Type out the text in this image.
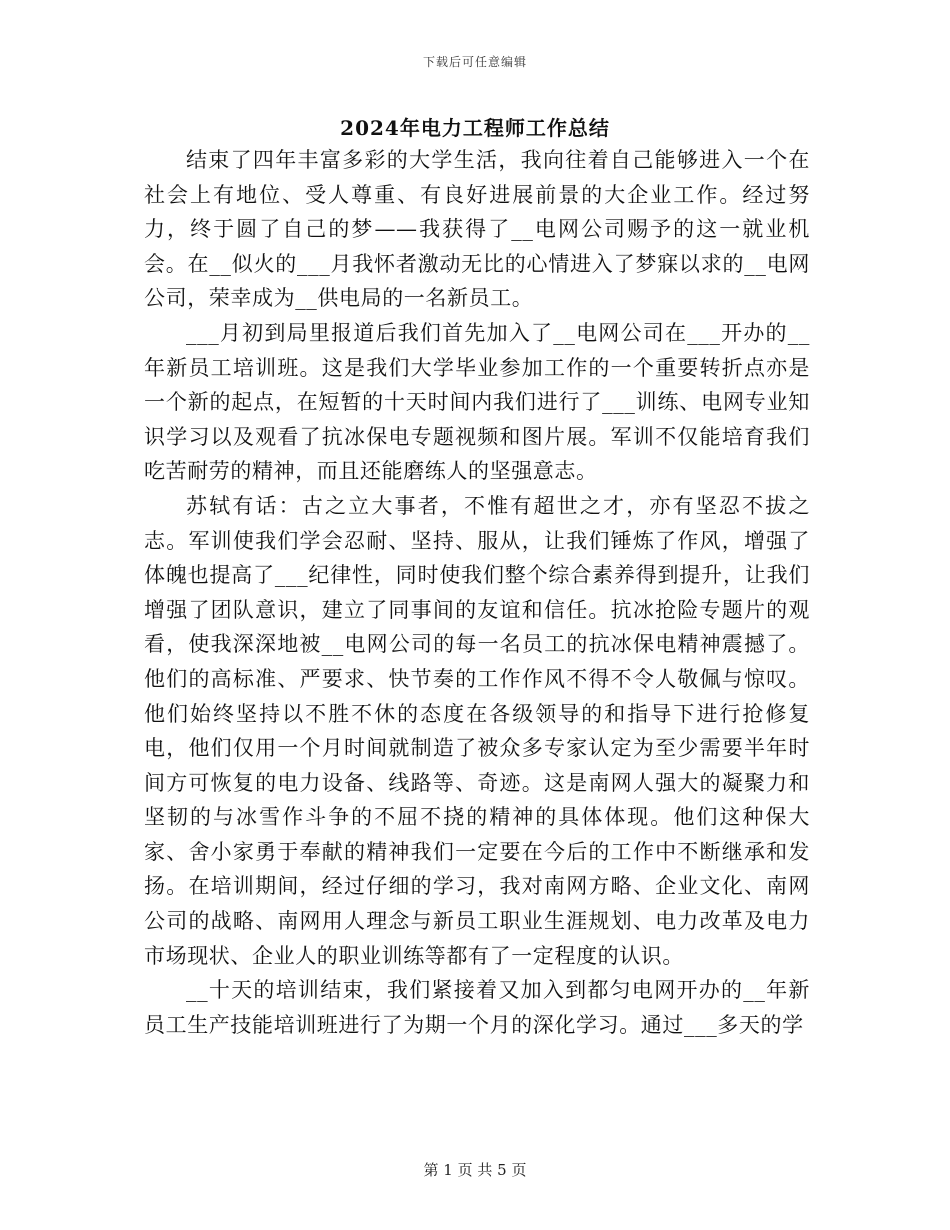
下载后可任意编辑
2024年电力工程师工作总结

结束了四年丰富多彩的大学生活，我向往着自己能够进入一个在社会上有地位、受人尊重、有良好进展前景的大企业工作。经过努力，终于圆了自己的梦——我获得了__电网公司赐予的这一就业机会。在__似火的___月我怀者激动无比的心情进入了梦寐以求的__电网公司，荣幸成为__供电局的一名新员工。

___月初到局里报道后我们首先加入了__电网公司在___开办的__年新员工培训班。这是我们大学毕业参加工作的一个重要转折点亦是一个新的起点，在短暂的十天时间内我们进行了___训练、电网专业知识学习以及观看了抗冰保电专题视频和图片展。军训不仅能培育我们吃苦耐劳的精神，而且还能磨练人的坚强意志。

苏轼有话：古之立大事者，不惟有超世之才，亦有坚忍不拔之志。军训使我们学会忍耐、坚持、服从，让我们锤炼了作风，增强了体魄也提高了___纪律性，同时使我们整个综合素养得到提升，让我们增强了团队意识，建立了同事间的友谊和信任。抗冰抢险专题片的观看，使我深深地被__电网公司的每一名员工的抗冰保电精神震撼了。他们的高标准、严要求、快节奏的工作作风不得不令人敬佩与惊叹。他们始终坚持以不胜不休的态度在各级领导的和指导下进行抢修复电，他们仅用一个月时间就制造了被众多专家认定为至少需要半年时间方可恢复的电力设备、线路等、奇迹。这是南网人强大的凝聚力和坚韧的与冰雪作斗争的不屈不挠的精神的具体体现。他们这种保大家、舍小家勇于奉献的精神我们一定要在今后的工作中不断继承和发扬。在培训期间，经过仔细的学习，我对南网方略、企业文化、南网公司的战略、南网用人理念与新员工职业生涯规划、电力改革及电力市场现状、企业人的职业训练等都有了一定程度的认识。

__十天的培训结束，我们紧接着又加入到都匀电网开办的__年新员工生产技能培训班进行了为期一个月的深化学习。通过___多天的学

第 1 页 共 5 页
